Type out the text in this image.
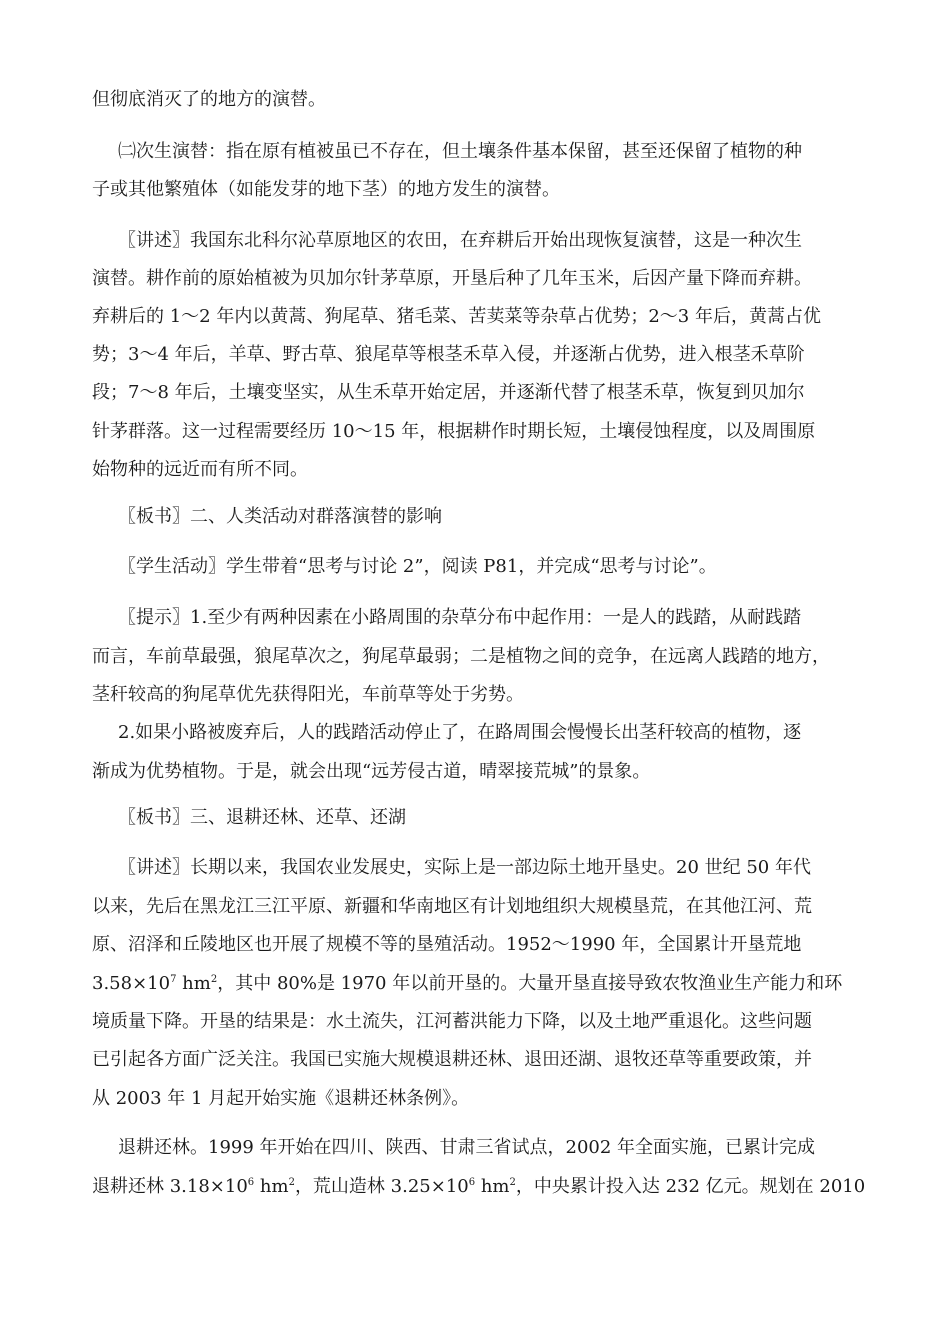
但彻底消灭了的地方的演替。

㈡次生演替：指在原有植被虽已不存在，但土壤条件基本保留，甚至还保留了植物的种

子或其他繁殖体（如能发芽的地下茎）的地方发生的演替。

〖讲述〗我国东北科尔沁草原地区的农田，在弃耕后开始出现恢复演替，这是一种次生

演替。耕作前的原始植被为贝加尔针茅草原，开垦后种了几年玉米，后因产量下降而弃耕。

弃耕后的 1～2 年内以黄蒿、狗尾草、猪毛菜、苦荬菜等杂草占优势；2～3 年后，黄蒿占优

势；3～4 年后，羊草、野古草、狼尾草等根茎禾草入侵，并逐渐占优势，进入根茎禾草阶

段；7～8 年后，土壤变坚实，从生禾草开始定居，并逐渐代替了根茎禾草，恢复到贝加尔

针茅群落。这一过程需要经历 10～15 年，根据耕作时期长短，土壤侵蚀程度，以及周围原

始物种的远近而有所不同。

〖板书〗二、人类活动对群落演替的影响

〖学生活动〗学生带着“思考与讨论 2”，阅读 P81，并完成“思考与讨论”。

〖提示〗1.至少有两种因素在小路周围的杂草分布中起作用：一是人的践踏，从耐践踏

而言，车前草最强，狼尾草次之，狗尾草最弱；二是植物之间的竞争，在远离人践踏的地方，

茎秆较高的狗尾草优先获得阳光，车前草等处于劣势。

2.如果小路被废弃后，人的践踏活动停止了，在路周围会慢慢长出茎秆较高的植物，逐

渐成为优势植物。于是，就会出现“远芳侵古道，晴翠接荒城”的景象。

〖板书〗三、退耕还林、还草、还湖

〖讲述〗长期以来，我国农业发展史，实际上是一部边际土地开垦史。20 世纪 50 年代

以来，先后在黑龙江三江平原、新疆和华南地区有计划地组织大规模垦荒，在其他江河、荒

原、沼泽和丘陵地区也开展了规模不等的垦殖活动。1952～1990 年，全国累计开垦荒地

$3.58\times 10^7$ $hm^2$，其中 80%是 1970 年以前开垦的。大量开垦直接导致农牧渔业生产能力和环

境质量下降。开垦的结果是：水土流失，江河蓄洪能力下降，以及土地严重退化。这些问题

已引起各方面广泛关注。我国已实施大规模退耕还林、退田还湖、退牧还草等重要政策，并

从 2003 年 1 月起开始实施《退耕还林条例》。

退耕还林。1999 年开始在四川、陕西、甘肃三省试点，2002 年全面实施，已累计完成

退耕还林 $3.18\times 10^6$ $hm^2$，荒山造林 $3.25\times 10^6$ $hm^2$，中央累计投入达 232 亿元。规划在 2010
